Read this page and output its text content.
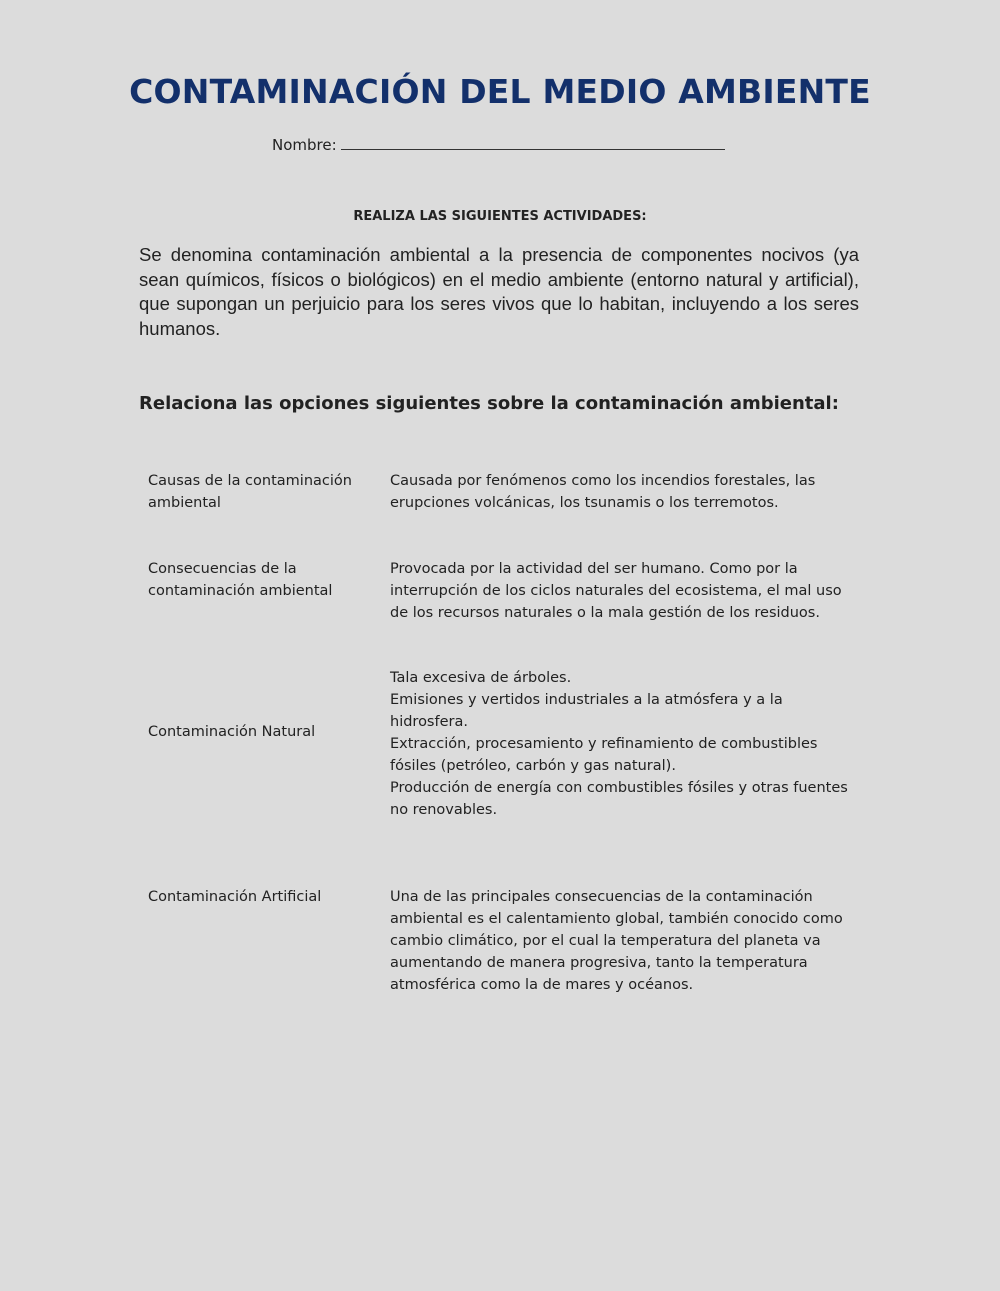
CONTAMINACIÓN DEL MEDIO AMBIENTE
Nombre:
REALIZA LAS SIGUIENTES ACTIVIDADES:

Se denomina contaminación ambiental a la presencia de componentes nocivos (ya sean químicos, físicos o biológicos) en el medio ambiente (entorno natural y artificial), que supongan un perjuicio para los seres vivos que lo habitan, incluyendo a los seres humanos.

Relaciona las opciones siguientes sobre la contaminación ambiental:
Causas de la contaminación
ambiental
Consecuencias de la
contaminación ambiental
Contaminación Natural
Contaminación Artificial
Causada por fenómenos como los incendios forestales, las
erupciones volcánicas, los tsunamis o los terremotos.
Provocada por la actividad del ser humano. Como por la
interrupción de los ciclos naturales del ecosistema, el mal uso
de los recursos naturales o la mala gestión de los residuos.
Tala excesiva de árboles.
Emisiones y vertidos industriales a la atmósfera y a la
hidrosfera.
Extracción, procesamiento y refinamiento de combustibles
fósiles (petróleo, carbón y gas natural).
Producción de energía con combustibles fósiles y otras fuentes
no renovables.
Una de las principales consecuencias de la contaminación
ambiental es el calentamiento global, también conocido como
cambio climático, por el cual la temperatura del planeta va
aumentando de manera progresiva, tanto la temperatura
atmosférica como la de mares y océanos.
